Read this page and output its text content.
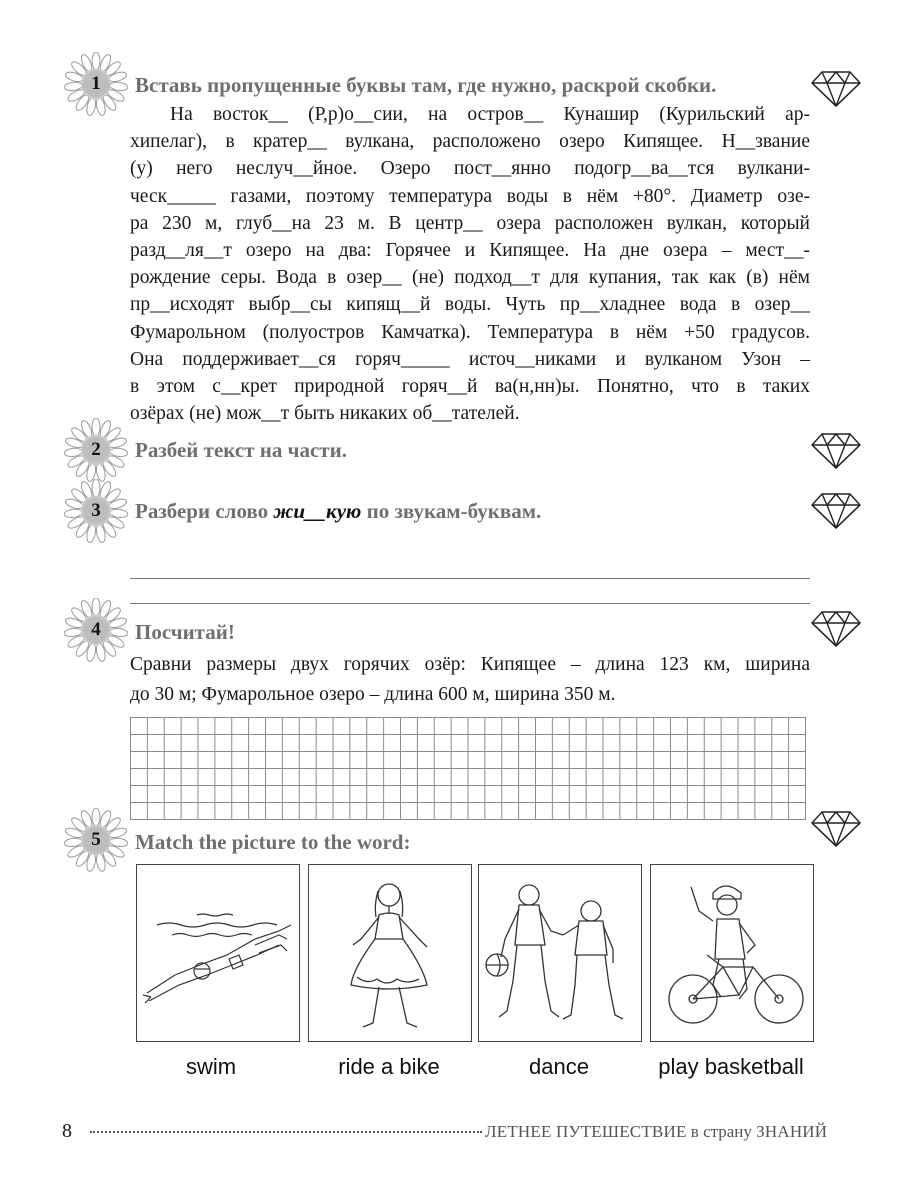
1	Вставь пропущенные буквы там, где нужно, раскрой скобки.
На восток__ (Р,р)о__сии, на остров__ Кунашир (Курильский ар-
хипелаг), в кратер__ вулкана, расположено озеро Кипящее. Н__звание
(у) него неслуч__йное. Озеро пост__янно подогр__ва__тся вулкани-
ческ_____ газами, поэтому температура воды в нём +80°. Диаметр озе-
ра 230 м, глуб__на 23 м. В центр__ озера расположен вулкан, который
разд__ля__т озеро на два: Горячее и Кипящее. На дне озера – мест__-
рождение серы. Вода в озер__ (не) подход__т для купания, так как (в) нём
пр__исходят выбр__сы кипящ__й воды. Чуть пр__хладнее вода в озер__
Фумарольном (полуостров Камчатка). Температура в нём +50 градусов.
Она поддерживает__ся горяч_____ источ__никами и вулканом Узон –
в этом с__крет природной горяч__й ва(н,нн)ы. Понятно, что в таких
озёрах (не) мож__т быть никаких об__тателей.
2	Разбей текст на части.
3	Разбери слово жи__кую по звукам-буквам.
4	Посчитай!
Сравни размеры двух горячих озёр: Кипящее – длина 123 км, ширина
до 30 м; Фумарольное озеро – длина 600 м, ширина 350 м.
5	Match the picture to the word:
swim	ride a bike	dance	play basketball
8	ЛЕТНЕЕ ПУТЕШЕСТВИЕ в страну ЗНАНИЙ
